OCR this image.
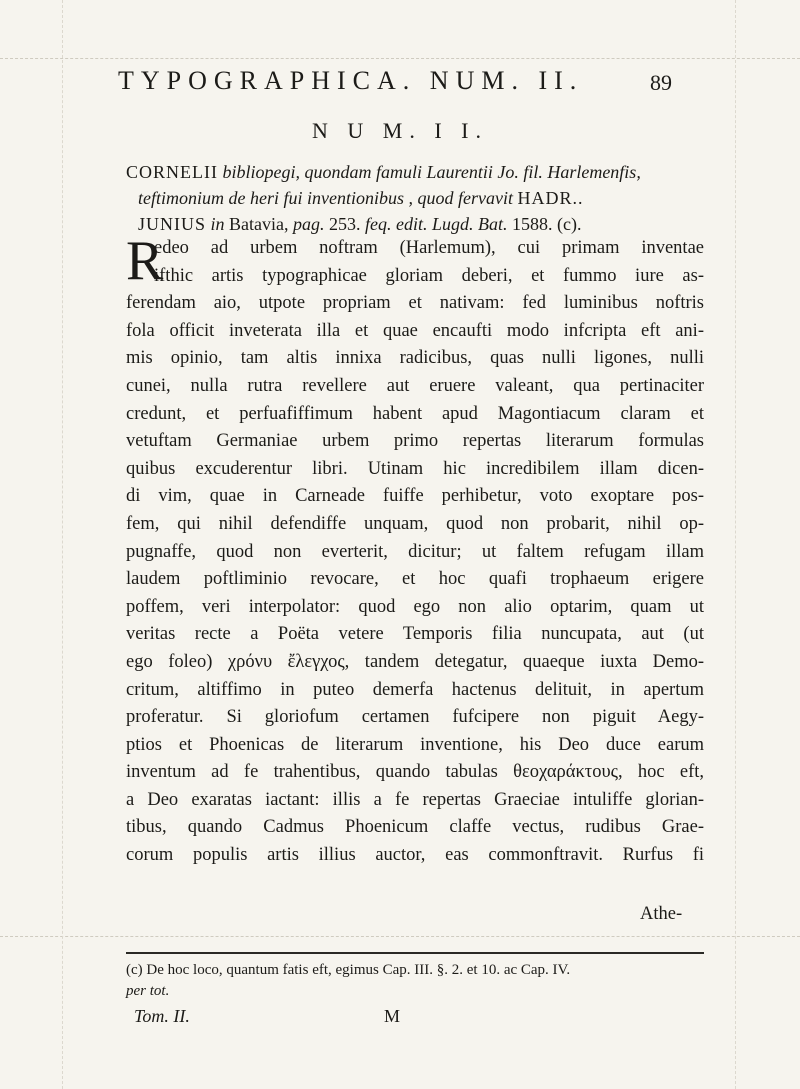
TYPOGRAPHICA. NUM. II.	89
N U M. I I.
CORNELII bibliopegi, quondam famuli Laurentii Jo. fil. Harlemenfis,
teftimonium de heri fui inventionibus , quod fervavit HADR..
JUNIUS in Batavia, pag. 253. feq. edit. Lugd. Bat. 1588. (c).
R
edeo ad urbem noftram (Harlemum), cui primam inventae
ifthic artis typographicae gloriam deberi, et fummo iure as-
ferendam aio, utpote propriam et nativam: fed luminibus noftris
fola officit inveterata illa et quae encaufti modo infcripta eft ani-
mis opinio, tam altis innixa radicibus, quas nulli ligones, nulli
cunei, nulla rutra revellere aut eruere valeant, qua pertinaciter
credunt, et perfuafiffimum habent apud Magontiacum claram et
vetuftam Germaniae urbem primo repertas literarum formulas
quibus excuderentur libri. Utinam hic incredibilem illam dicen-
di vim, quae in Carneade fuiffe perhibetur, voto exoptare pos-
fem, qui nihil defendiffe unquam, quod non probarit, nihil op-
pugnaffe, quod non everterit, dicitur; ut faltem refugam illam
laudem poftliminio revocare, et hoc quafi trophaeum erigere
poffem, veri interpolator: quod ego non alio optarim, quam ut
veritas recte a Poëta vetere Temporis filia nuncupata, aut (ut
ego foleo) χρόνυ ἔλεγχος, tandem detegatur, quaeque iuxta Demo-
critum, altiffimo in puteo demerfa hactenus delituit, in apertum
proferatur. Si gloriofum certamen fufcipere non piguit Aegy-
ptios et Phoenicas de literarum inventione, his Deo duce earum
inventum ad fe trahentibus, quando tabulas θεοχαράκτους, hoc eft,
a Deo exaratas iactant: illis a fe repertas Graeciae intuliffe glorian-
tibus, quando Cadmus Phoenicum claffe vectus, rudibus Grae-
corum populis artis illius auctor, eas commonftravit. Rurfus fi
Athe-
(c) De hoc loco, quantum fatis eft, egimus Cap. III. §. 2. et 10. ac Cap. IV.
per tot.
Tom. II.	M
